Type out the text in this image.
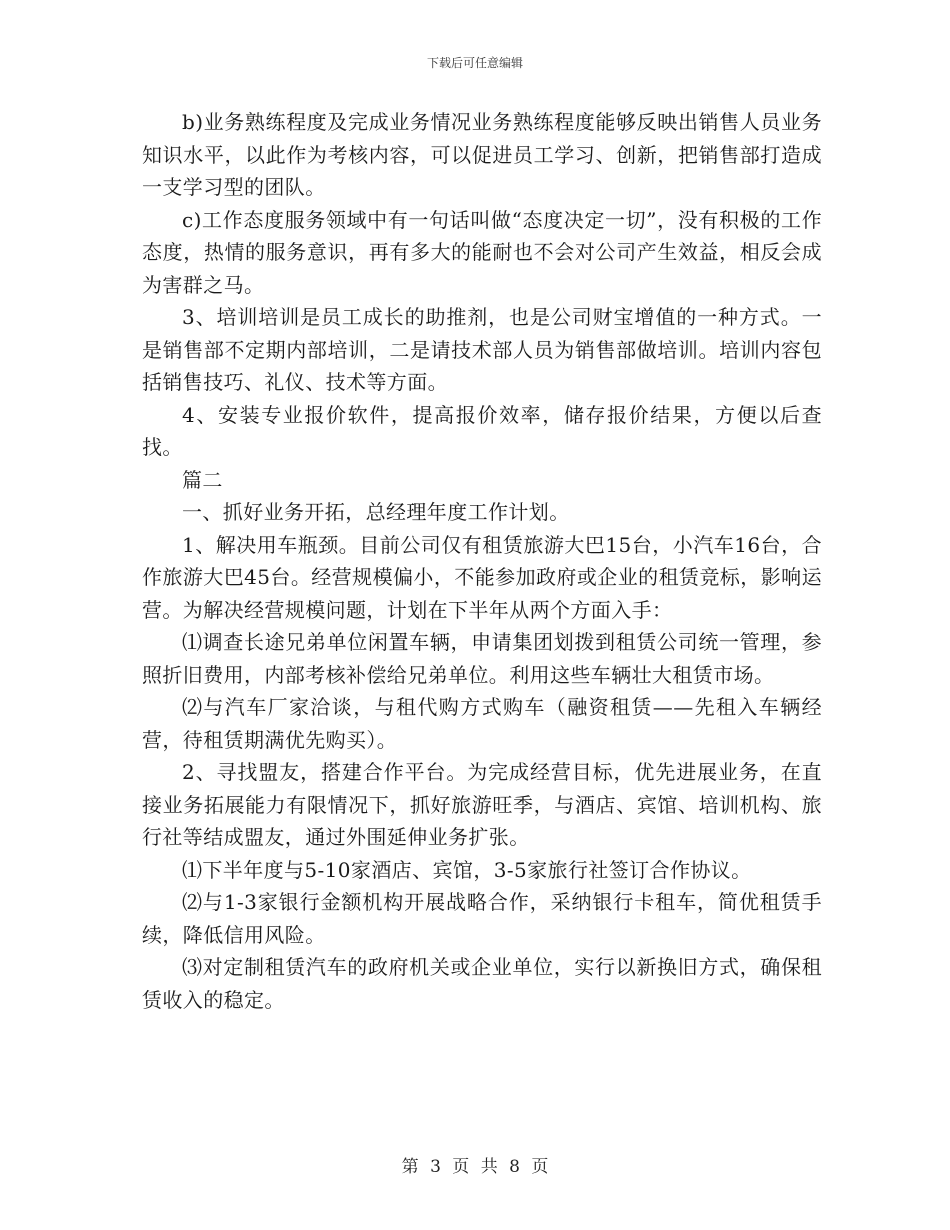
下载后可任意编辑

b)业务熟练程度及完成业务情况业务熟练程度能够反映出销售人员业务知识水平，以此作为考核内容，可以促进员工学习、创新，把销售部打造成一支学习型的团队。

c)工作态度服务领域中有一句话叫做“态度决定一切”，没有积极的工作态度，热情的服务意识，再有多大的能耐也不会对公司产生效益，相反会成为害群之马。

3、培训培训是员工成长的助推剂，也是公司财宝增值的一种方式。一是销售部不定期内部培训，二是请技术部人员为销售部做培训。培训内容包括销售技巧、礼仪、技术等方面。

4、安装专业报价软件，提高报价效率，储存报价结果，方便以后查找。

篇二

一、抓好业务开拓，总经理年度工作计划。

1、解决用车瓶颈。目前公司仅有租赁旅游大巴15台，小汽车16台，合作旅游大巴45台。经营规模偏小，不能参加政府或企业的租赁竞标，影响运营。为解决经营规模问题，计划在下半年从两个方面入手：

⑴调查长途兄弟单位闲置车辆，申请集团划拨到租赁公司统一管理，参照折旧费用，内部考核补偿给兄弟单位。利用这些车辆壮大租赁市场。

⑵与汽车厂家洽谈，与租代购方式购车（融资租赁——先租入车辆经营，待租赁期满优先购买）。

2、寻找盟友，搭建合作平台。为完成经营目标，优先进展业务，在直接业务拓展能力有限情况下，抓好旅游旺季，与酒店、宾馆、培训机构、旅行社等结成盟友，通过外围延伸业务扩张。

⑴下半年度与5-10家酒店、宾馆，3-5家旅行社签订合作协议。

⑵与1-3家银行金额机构开展战略合作，采纳银行卡租车，简优租赁手续，降低信用风险。

⑶对定制租赁汽车的政府机关或企业单位，实行以新换旧方式，确保租赁收入的稳定。

第 3 页 共 8 页
